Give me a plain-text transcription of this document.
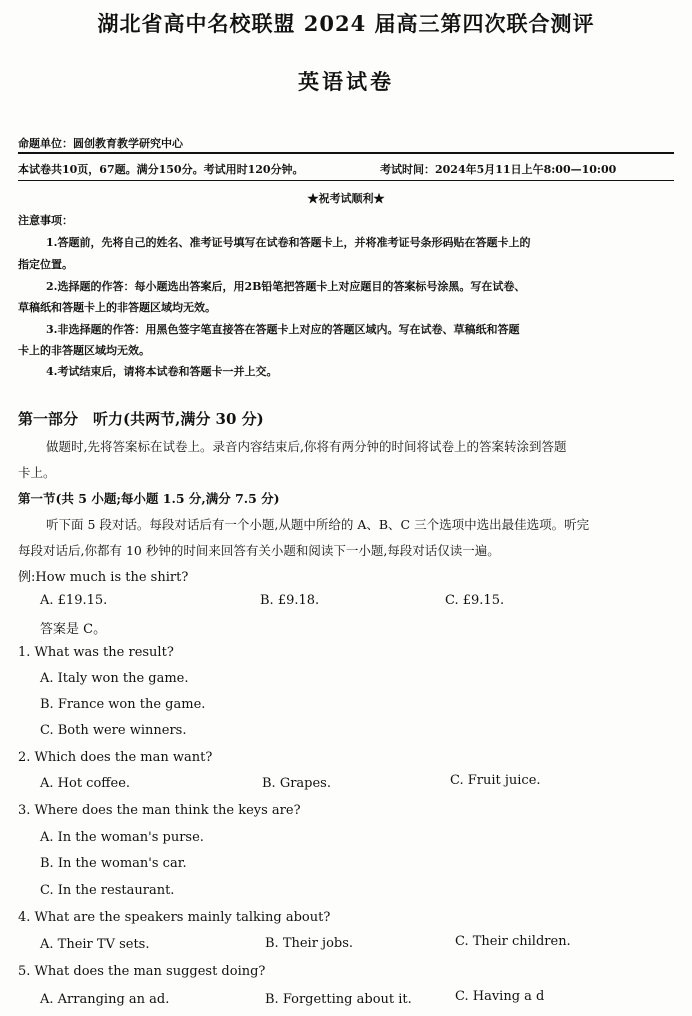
湖北省高中名校联盟 2024 届高三第四次联合测评
英语试卷
命题单位：圆创教育教学研究中心
本试卷共10页，67题。满分150分。考试用时120分钟。	考试时间：2024年5月11日上午8:00—10:00
★祝考试顺利★
注意事项：
1.答题前，先将自己的姓名、准考证号填写在试卷和答题卡上，并将准考证号条形码贴在答题卡上的
指定位置。
2.选择题的作答：每小题选出答案后，用2B铅笔把答题卡上对应题目的答案标号涂黑。写在试卷、
草稿纸和答题卡上的非答题区域均无效。
3.非选择题的作答：用黑色签字笔直接答在答题卡上对应的答题区域内。写在试卷、草稿纸和答题
卡上的非答题区域均无效。
4.考试结束后，请将本试卷和答题卡一并上交。
第一部分　听力(共两节,满分 30 分)
做题时,先将答案标在试卷上。录音内容结束后,你将有两分钟的时间将试卷上的答案转涂到答题
卡上。
第一节(共 5 小题;每小题 1.5 分,满分 7.5 分)
听下面 5 段对话。每段对话后有一个小题,从题中所给的 A、B、C 三个选项中选出最佳选项。听完
每段对话后,你都有 10 秒钟的时间来回答有关小题和阅读下一小题,每段对话仅读一遍。
例:How much is the shirt?
A. £19.15.	B. £9.18.	C. £9.15.
答案是 C。
1. What was the result?
A. Italy won the game.
B. France won the game.
C. Both were winners.
2. Which does the man want?
A. Hot coffee.	B. Grapes.	C. Fruit juice.
3. Where does the man think the keys are?
A. In the woman's purse.
B. In the woman's car.
C. In the restaurant.
4. What are the speakers mainly talking about?
A. Their TV sets.	B. Their jobs.	C. Their children.
5. What does the man suggest doing?
A. Arranging an ad.	B. Forgetting about it.	C. Having a d
